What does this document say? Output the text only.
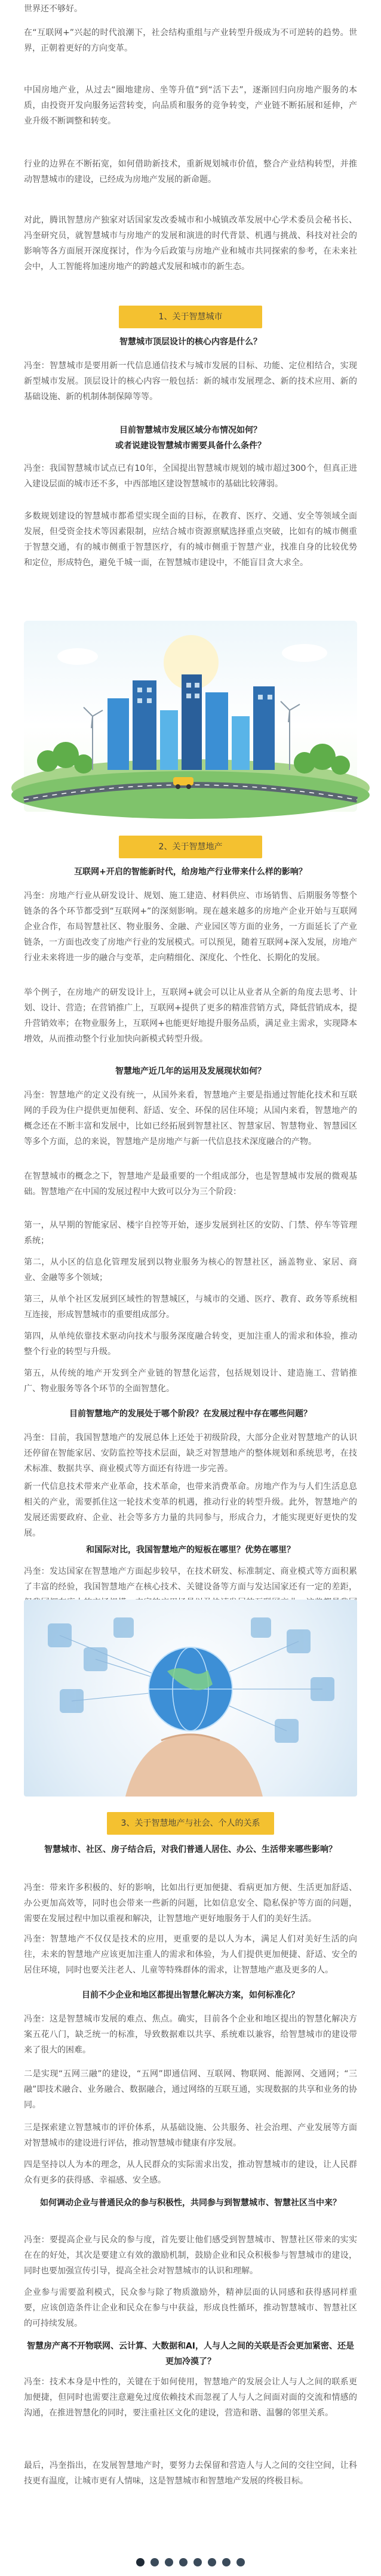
世界还不够好。

在“互联网+”兴起的时代浪潮下，社会结构重组与产业转型升级成为不可逆转的趋势。世界，正朝着更好的方向变革。

中国房地产业，从过去“圈地建房、坐等升值”到“活下去”，逐渐回归向房地产服务的本质，由投资开发向服务运营转变，向品质和服务的竞争转变，产业链不断拓展和延伸，产业升级不断调整和转变。

行业的边界在不断拓宽，如何借助新技术，重新规划城市价值，整合产业结构转型，并推动智慧城市的建设，已经成为房地产发展的新命题。

对此，腾讯智慧房产独家对话国家发改委城市和小城镇改革发展中心学术委员会秘书长、冯奎研究员，就智慧城市与房地产的发展和演进的时代背景、机遇与挑战、科技对社会的影响等各方面展开深度探讨，作为今后政策与房地产业和城市共同探索的参考，在未来社会中，人工智能将加速房地产的跨越式发展和城市的新生态。

1、关于智慧城市

智慧城市顶层设计的核心内容是什么？

冯奎：智慧城市是要用新一代信息通信技术与城市发展的目标、功能、定位相结合，实现新型城市发展。顶层设计的核心内容一般包括：新的城市发展理念、新的技术应用、新的基础设施、新的机制体制保障等等。

目前智慧城市发展区域分布情况如何？

或者说建设智慧城市需要具备什么条件？

冯奎：我国智慧城市试点已有10年，全国提出智慧城市规划的城市超过300个，但真正进入建设层面的城市还不多，中西部地区建设智慧城市的基础比较薄弱。

多数规划建设的智慧城市都希望实现全面的目标，在教育、医疗、交通、安全等领域全面发展，但受资金技术等因素限制，应结合城市资源禀赋选择重点突破，比如有的城市侧重于智慧交通，有的城市侧重于智慧医疗，有的城市侧重于智慧产业，找准自身的比较优势和定位，形成特色，避免千城一面，在智慧城市建设中，不能盲目贪大求全。

2、关于智慧地产

互联网+开启的智能新时代，给房地产行业带来什么样的影响？

冯奎：房地产行业从研发设计、规划、施工建造、材料供应、市场销售、后期服务等整个链条的各个环节都受到“互联网+”的深刻影响。现在越来越多的房地产企业开始与互联网企业合作，布局智慧社区、物业服务、金融、产业园区等方面的业务，一方面延长了产业链条，一方面也改变了房地产行业的发展模式。可以预见，随着互联网+深入发展，房地产行业未来将进一步的融合与变革，走向精细化、深度化、个性化、长期化的发展。

举个例子，在房地产的研发设计上，互联网+就会可以让从业者从全新的角度去思考、计划、设计、营造；在营销推广上，互联网+提供了更多的精准营销方式，降低营销成本，提升营销效率；在物业服务上，互联网+也能更好地提升服务品质，满足业主需求，实现降本增效，从而推动整个行业加快向新模式转型升级。

智慧地产近几年的运用及发展现状如何？

冯奎：智慧地产的定义没有统一，从国外来看，智慧地产主要是指通过智能化技术和互联网的手段为住户提供更加便利、舒适、安全、环保的居住环境；从国内来看，智慧地产的概念还在不断丰富和发展中，比如已经拓展到智慧社区、智慧家居、智慧物业、智慧园区等多个方面，总的来说，智慧地产是房地产与新一代信息技术深度融合的产物。

在智慧城市的概念之下，智慧地产是最重要的一个组成部分，也是智慧城市发展的微观基础。智慧地产在中国的发展过程中大致可以分为三个阶段：

第一，从早期的智能家居、楼宇自控等开始，逐步发展到社区的安防、门禁、停车等管理系统；

第二，从小区的信息化管理发展到以物业服务为核心的智慧社区，涵盖物业、家居、商业、金融等多个领域；

第三，从单个社区发展到区域性的智慧城区，与城市的交通、医疗、教育、政务等系统相互连接，形成智慧城市的重要组成部分。

第四，从单纯依靠技术驱动向技术与服务深度融合转变，更加注重人的需求和体验，推动整个行业的转型与升级。

第五，从传统的地产开发到全产业链的智慧化运营，包括规划设计、建造施工、营销推广、物业服务等各个环节的全面智慧化。

目前智慧地产的发展处于哪个阶段？在发展过程中存在哪些问题？

冯奎：目前，我国智慧地产的发展总体上还处于初级阶段，大部分企业对智慧地产的认识还停留在智能家居、安防监控等技术层面，缺乏对智慧地产的整体规划和系统思考，在技术标准、数据共享、商业模式等方面还有待进一步完善。

新一代信息技术带来产业革命，技术革命，也带来消费革命。房地产作为与人们生活息息相关的产业，需要抓住这一轮技术变革的机遇，推动行业的转型升级。此外，智慧地产的发展还需要政府、企业、社会等多方力量的共同参与，形成合力，才能实现更好更快的发展。

和国际对比，我国智慧地产的短板在哪里？优势在哪里？

冯奎：发达国家在智慧地产方面起步较早，在技术研发、标准制定、商业模式等方面积累了丰富的经验，我国智慧地产在核心技术、关键设备等方面与发达国家还有一定的差距，

3、关于智慧地产与社会、个人的关系

智慧城市、社区、房子结合后，对我们普通人居住、办公、生活带来哪些影响？

冯奎：带来许多积极的、好的影响，比如出行更加便捷、看病更加方便、生活更加舒适、办公更加高效等，同时也会带来一些新的问题，比如信息安全、隐私保护等方面的问题，需要在发展过程中加以重视和解决，让智慧地产更好地服务于人们的美好生活。

冯奎：智慧地产不仅仅是技术的应用，更重要的是以人为本，满足人们对美好生活的向往，未来的智慧地产应该更加注重人的需求和体验，为人们提供更加便捷、舒适、安全的居住环境，同时也要关注老人、儿童等特殊群体的需求，让智慧地产惠及更多的人。

目前不少企业和地区都提出智慧化解决方案，如何标准化？

冯奎：这是智慧城市发展的难点、焦点。确实，目前各个企业和地区提出的智慧化解决方案五花八门，缺乏统一的标准，导致数据难以共享、系统难以兼容，给智慧城市的建设带来了很大的困难。

二是实现“五网三融”的建设，“五网”即通信网、互联网、物联网、能源网、交通网；“三融”即技术融合、业务融合、数据融合，通过网络的互联互通，实现数据的共享和业务的协同。

三是探索建立智慧城市的评价体系，从基础设施、公共服务、社会治理、产业发展等方面对智慧城市的建设进行评估，推动智慧城市健康有序发展。

四是坚持以人为本的理念，从人民群众的实际需求出发，推动智慧城市的建设，让人民群众有更多的获得感、幸福感、安全感。

如何调动企业与普通民众的参与积极性，共同参与到智慧城市、智慧社区当中来？

冯奎：要提高企业与民众的参与度，首先要让他们感受到智慧城市、智慧社区带来的实实在在的好处，其次是要建立有效的激励机制，鼓励企业和民众积极参与智慧城市的建设，同时也要加强宣传引导，提高全社会对智慧城市的认识和理解。

企业参与需要盈利模式，民众参与除了物质激励外，精神层面的认同感和获得感同样重要，应该创造条件让企业和民众在参与中获益，形成良性循环，推动智慧城市、智慧社区的可持续发展。

智慧房产离不开物联网、云计算、大数据和AI，人与人之间的关联是否会更加紧密、还是更加冷漠了？

冯奎：技术本身是中性的，关键在于如何使用，智慧地产的发展会让人与人之间的联系更加便捷，但同时也需要注意避免过度依赖技术而忽视了人与人之间面对面的交流和情感的沟通，在推进智慧化的同时，要注重社区文化的建设，营造和谐、温馨的邻里关系。

最后，冯奎指出，在发展智慧地产时，要努力去保留和营造人与人之间的交往空间，让科技更有温度，让城市更有人情味，这是智慧城市和智慧地产发展的终极目标。
